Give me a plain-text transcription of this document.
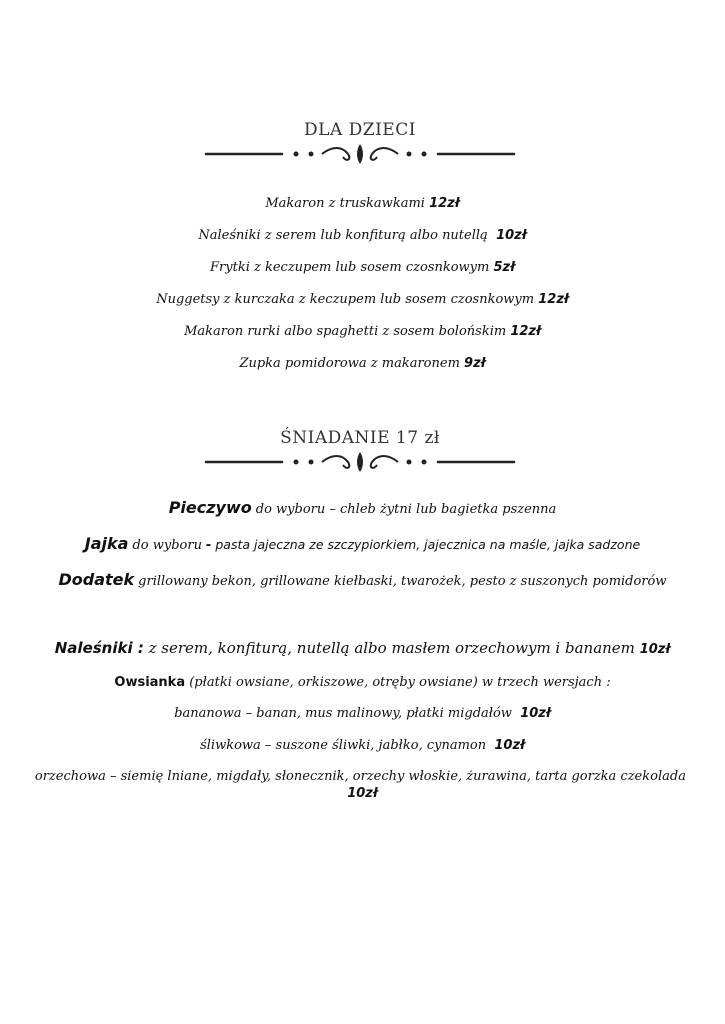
DLA DZIECI
Makaron z truskawkami 12zł
Naleśniki z serem lub konfiturą albo nutellą 10zł
Frytki z keczupem lub sosem czosnkowym 5zł
Nuggetsy z kurczaka z keczupem lub sosem czosnkowym 12zł
Makaron rurki albo spaghetti z sosem bolońskim 12zł
Zupka pomidorowa z makaronem 9zł
ŚNIADANIE 17 zł
Pieczywo do wyboru – chleb żytni lub bagietka pszenna
Jajka do wyboru - pasta jajeczna ze szczypiorkiem, jajecznica na maśle, jajka sadzone
Dodatek grillowany bekon, grillowane kiełbaski, twarożek, pesto z suszonych pomidorów
Naleśniki : z serem, konfiturą, nutellą albo masłem orzechowym i bananem 10zł
Owsianka (płatki owsiane, orkiszowe, otręby owsiane) w trzech wersjach :
bananowa – banan, mus malinowy, płatki migdałów 10zł
śliwkowa – suszone śliwki, jabłko, cynamon 10zł
orzechowa – siemię lniane, migdały, słonecznik, orzechy włoskie, żurawina, tarta gorzka czekolada  10zł
